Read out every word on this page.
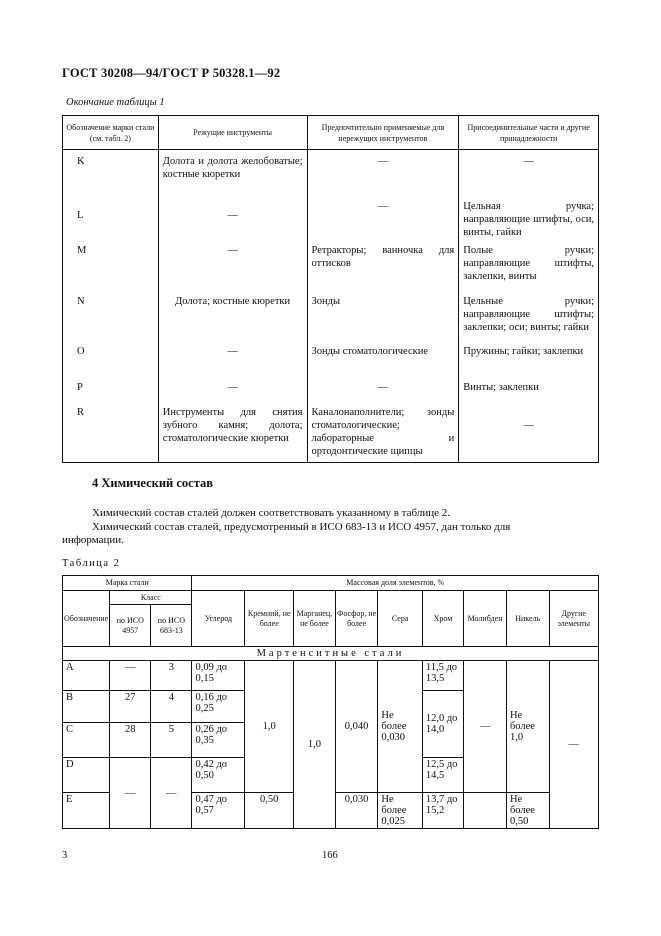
ГОСТ 30208—94/ГОСТ Р 50328.1—92
Окончание таблицы 1
Обозначение марки стали (см. табл. 2)	Режущие инструменты	Предпочтительно применяемые для нережущих инструментов	Присоединительные части и другие принадлежности
K	Долота и долота желобоватые; костные кюретки	—	—
L	—	—	Цельная ручка; направляющие штифты, оси, винты, гайки
M	—	Ретракторы; ванночка для оттисков	Полые ручки; направляющие штифты, заклепки, винты
N	Долота; костные кюретки	Зонды	Цельные ручки; направляющие штифты; заклепки; оси; винты; гайки
O	—	Зонды стоматологические	Пружины; гайки; заклепки
P	—	—	Винты; заклепки
R	Инструменты для снятия зубного камня; долота; стоматологические кюретки	Каналонаполнители; зонды стоматологические; лабораторные и ортодонтические щипцы	—
4 Химический состав
Химический состав сталей должен соответствовать указанному в таблице 2.
Химический состав сталей, предусмотренный в ИСО 683-13 и ИСО 4957, дан только для
информации.
Таблица 2
Марка стали			Массовая доля элементов, %								
Обозначение	Класс		Углерод	Кремний, не более	Марганец, не более	Фосфор, не более	Сера	Хром	Молибден	Никель	Другие элементы
	по ИСО 4957	по ИСО 683-13									
Мартенситные стали											
A	—	3	0,09 до 0,15	1,0	1,0	0,040	Не более 0,030	11,5 до 13,5	—	Не более 1,0	—
B	27	4	0,16 до 0,25					12,0 до 14,0			
C	28	5	0,26 до 0,35								
D	—	—	0,42 до 0,50					12,5 до 14,5			
E			0,47 до 0,57	0,50		0,030	Не более 0,025	13,7 до 15,2		Не более 0,50	
3	166
